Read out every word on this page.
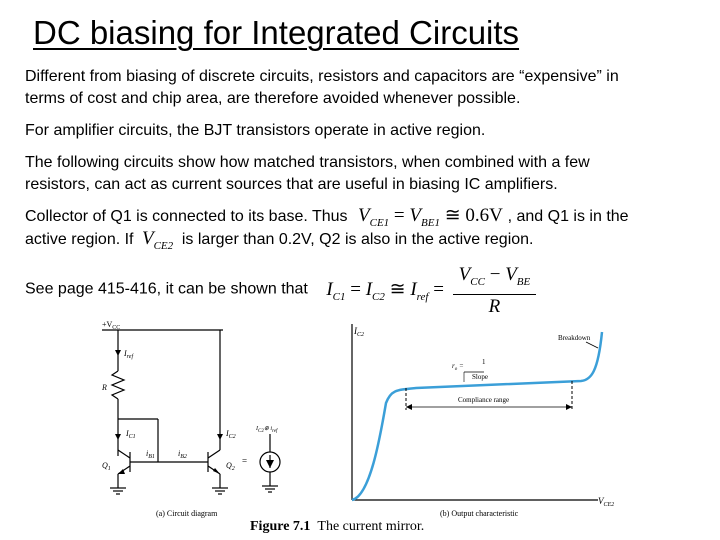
DC biasing for Integrated Circuits
Different from biasing of discrete circuits, resistors and capacitors are “expensive” in
terms of cost and chip area, are therefore avoided whenever possible.
For amplifier circuits, the BJT transistors operate in active region.
The following circuits show how matched transistors, when combined with a few
resistors, can act as current sources that are useful in biasing IC amplifiers.
Collector of Q1 is connected to its base. Thus $V_{CE1} = V_{BE1}$ ≅ 0.6V , and Q1 is in the
active region. If $V_{CE2}$ is larger than 0.2V, Q2 is also in the active region.
See page 415-416, it can be shown that $I_{C1} = I_{C2}$ ≅ $I_{ref} = \frac{V_{CC} - V_{BE}}{R}$
$+V_{CC}$
$I_{ref}$
R
$I_{C1}$	$I_{C2}$
$i_{B1}$	$i_{B2}$
$Q_1$	$Q_2$
=
$I_{C2}\oplus$ $i_{ref}$
(a) Circuit diagram
$I_{C2}$
$V_{CE2}$
Breakdown
$r_o$ =	1
Slope
Compliance range
(b) Output characteristic
Figure 7.1 The current mirror.
